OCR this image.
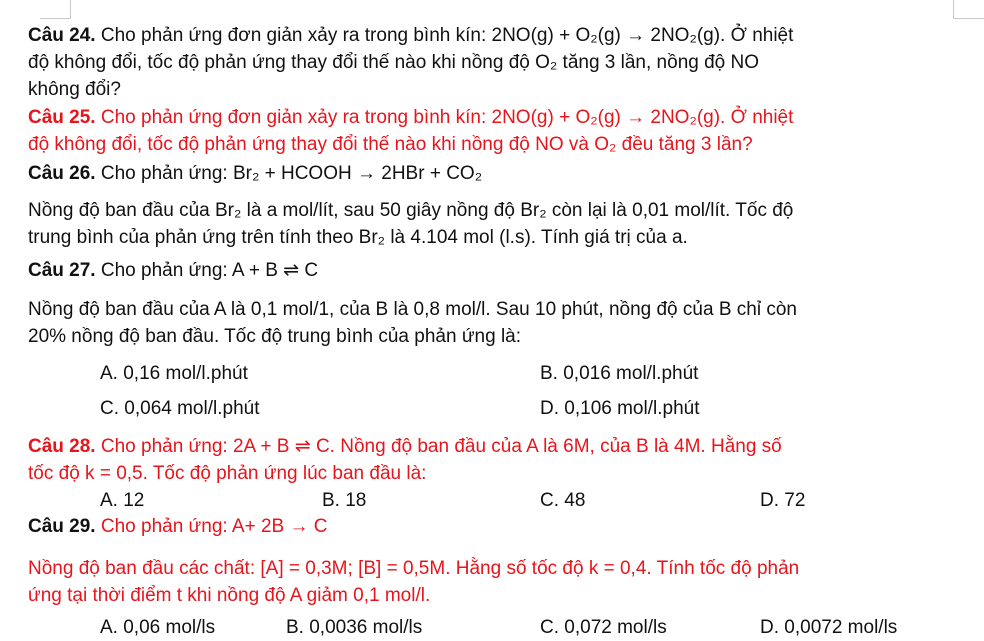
Câu 24. Cho phản ứng đơn giản xảy ra trong bình kín: 2NO(g) + O₂(g) → 2NO₂(g). Ở nhiệt
độ không đổi, tốc độ phản ứng thay đổi thế nào khi nồng độ O₂ tăng 3 lần, nồng độ NO
không đổi?
Câu 25. Cho phản ứng đơn giản xảy ra trong bình kín: 2NO(g) + O₂(g) → 2NO₂(g). Ở nhiệt
độ không đổi, tốc độ phản ứng thay đổi thế nào khi nồng độ NO và O₂ đều tăng 3 lần?
Câu 26. Cho phản ứng: Br₂ + HCOOH → 2HBr + CO₂
Nồng độ ban đầu của Br₂ là a mol/lít, sau 50 giây nồng độ Br₂ còn lại là 0,01 mol/lít. Tốc độ
trung bình của phản ứng trên tính theo Br₂ là 4.104 mol (l.s). Tính giá trị của a.
Câu 27. Cho phản ứng: A + B ⇌ C
Nồng độ ban đầu của A là 0,1 mol/1, của B là 0,8 mol/l. Sau 10 phút, nồng độ của B chỉ còn
20% nồng độ ban đầu. Tốc độ trung bình của phản ứng là:
A. 0,16 mol/l.phút	B. 0,016 mol/l.phút
C. 0,064 mol/l.phút	D. 0,106 mol/l.phút
Câu 28. Cho phản ứng: 2A + B ⇌ C. Nồng độ ban đầu của A là 6M, của B là 4M. Hằng số
tốc độ k = 0,5. Tốc độ phản ứng lúc ban đầu là:
A. 12	B. 18	C. 48	D. 72
Câu 29. Cho phản ứng: A+ 2B → C
Nồng độ ban đầu các chất: [A] = 0,3M; [B] = 0,5M. Hằng số tốc độ k = 0,4. Tính tốc độ phản
ứng tại thời điểm t khi nồng độ A giảm 0,1 mol/l.
A. 0,06 mol/ls	B. 0,0036 mol/ls	C. 0,072 mol/ls	D. 0,0072 mol/ls
